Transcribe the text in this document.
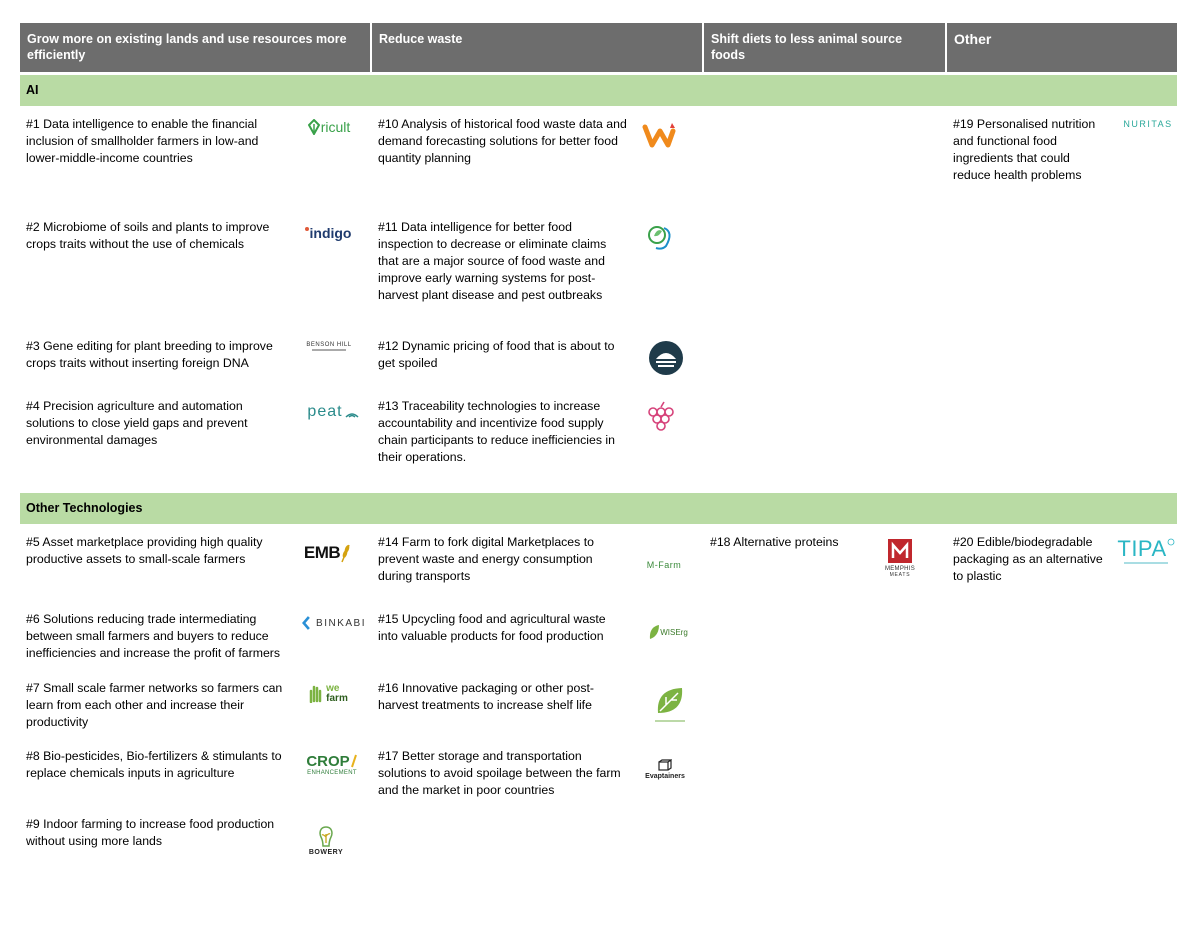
Grow more on existing lands and use resources more efficiently
Reduce waste	Shift diets to less animal source foods
Other
AI
Other Technologies
#1 Data intelligence to enable the financial inclusion of smallholder farmers in low-and lower-middle-income countries
#2 Microbiome of soils and plants to improve crops traits without the use of chemicals
#3 Gene editing for plant breeding to improve crops traits without inserting foreign DNA
#4 Precision agriculture and automation solutions to close yield gaps and prevent environmental damages
#5 Asset marketplace providing high quality productive assets to small-scale farmers
#6 Solutions reducing trade intermediating between small farmers and buyers to reduce inefficiencies and increase the profit of farmers
#7 Small scale farmer networks so farmers can learn from each other and increase their productivity
#8 Bio-pesticides, Bio-fertilizers & stimulants to replace chemicals inputs in agriculture
#9 Indoor farming to increase food production without using more lands
#10 Analysis of historical food waste data and demand forecasting solutions for better food quantity planning
#11 Data intelligence for better food inspection to decrease or eliminate claims that are a major source of food waste and improve early warning systems for post-harvest plant disease and pest outbreaks
#12 Dynamic pricing of food that is about to get spoiled
#13 Traceability technologies to increase accountability and incentivize food supply chain participants to reduce inefficiencies in their operations.
#14 Farm to fork digital Marketplaces to prevent waste and energy consumption during transports
#15 Upcycling food and agricultural waste into valuable products for food production
#16 Innovative packaging or other post-harvest treatments to increase shelf life
#17 Better storage and transportation solutions to avoid spoilage between the farm and the market in poor countries
#18 Alternative proteins
#19 Personalised nutrition and functional food ingredients that could reduce health problems
#20 Edible/biodegradable packaging as an alternative to plastic
ricult
indigo
BENSON HILL
peat
EMB
BINKABI
we
farm
CROP
ENHANCEMENT
BOWERY
M-Farm
WISErg
Evaptainers
MEMPHIS
MEATS
NURITAS
TIPA
